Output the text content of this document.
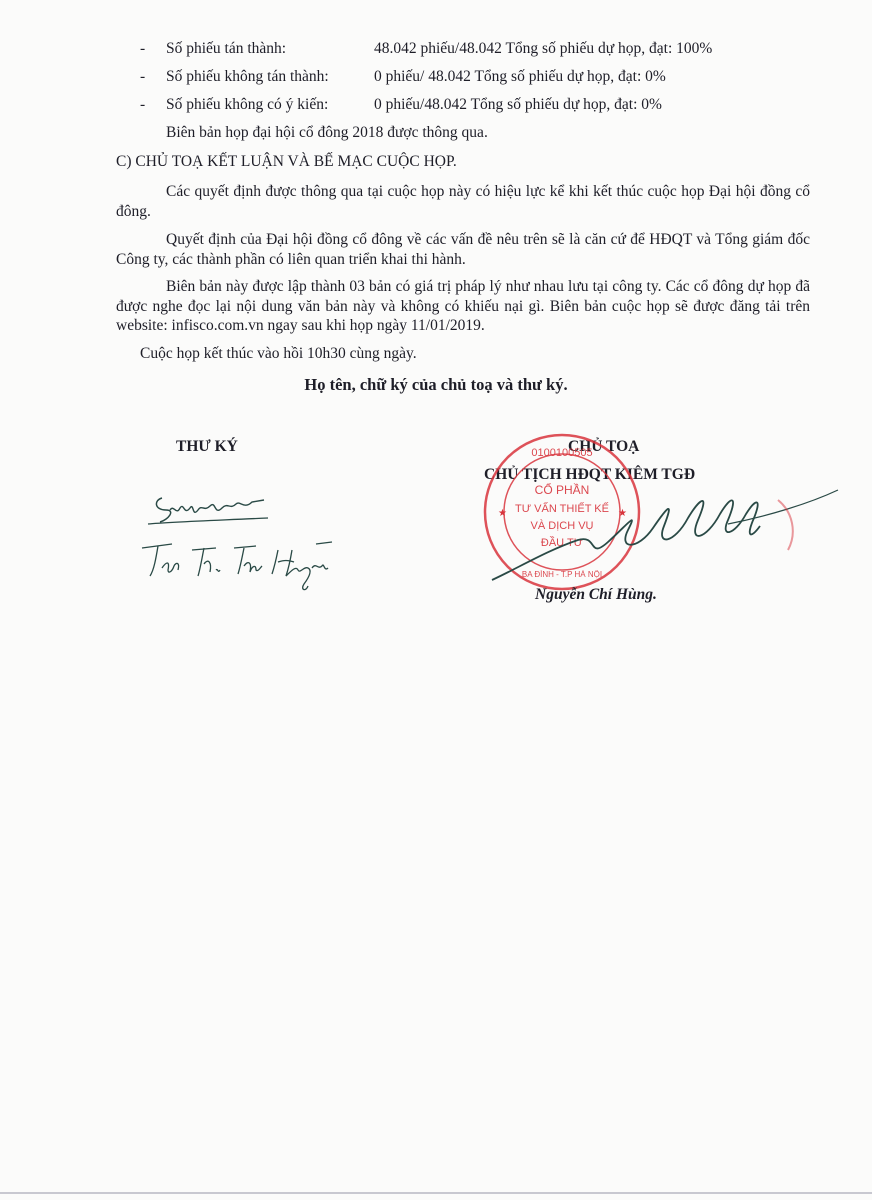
- Số phiếu tán thành:	48.042 phiếu/48.042 Tổng số phiếu dự họp, đạt: 100%
- Số phiếu không tán thành:	0 phiếu/ 48.042 Tổng số phiếu dự họp, đạt: 0%
- Số phiếu không có ý kiến:	0 phiếu/48.042 Tổng số phiếu dự họp, đạt: 0%
Biên bản họp đại hội cổ đông 2018 được thông qua.
C) CHỦ TOẠ KẾT LUẬN VÀ BẾ MẠC CUỘC HỌP.
Các quyết định được thông qua tại cuộc họp này có hiệu lực kể khi kết thúc cuộc họp Đại hội đồng cổ đông.
Quyết định của Đại hội đồng cổ đông về các vấn đề nêu trên sẽ là căn cứ để HĐQT và Tổng giám đốc Công ty, các thành phần có liên quan triển khai thi hành.
Biên bản này được lập thành 03 bản có giá trị pháp lý như nhau lưu tại công ty. Các cổ đông dự họp đã được nghe đọc lại nội dung văn bản này và không có khiếu nại gì. Biên bản cuộc họp sẽ được đăng tải trên website: infisco.com.vn ngay sau khi họp ngày 11/01/2019.
Cuộc họp kết thúc vào hồi 10h30 cùng ngày.
Họ tên, chữ ký của chủ toạ và thư ký.
THƯ KÝ	CHỦ TOẠ
CHỦ TỊCH HĐQT KIÊM TGĐ
0100100505
CỔ PHẦN
TƯ VẤN THIẾT KẾ
VÀ DỊCH VỤ
ĐẦU TƯ
BA ĐÌNH - T.P HÀ NỘI
★	★
Nguyễn Chí Hùng.
